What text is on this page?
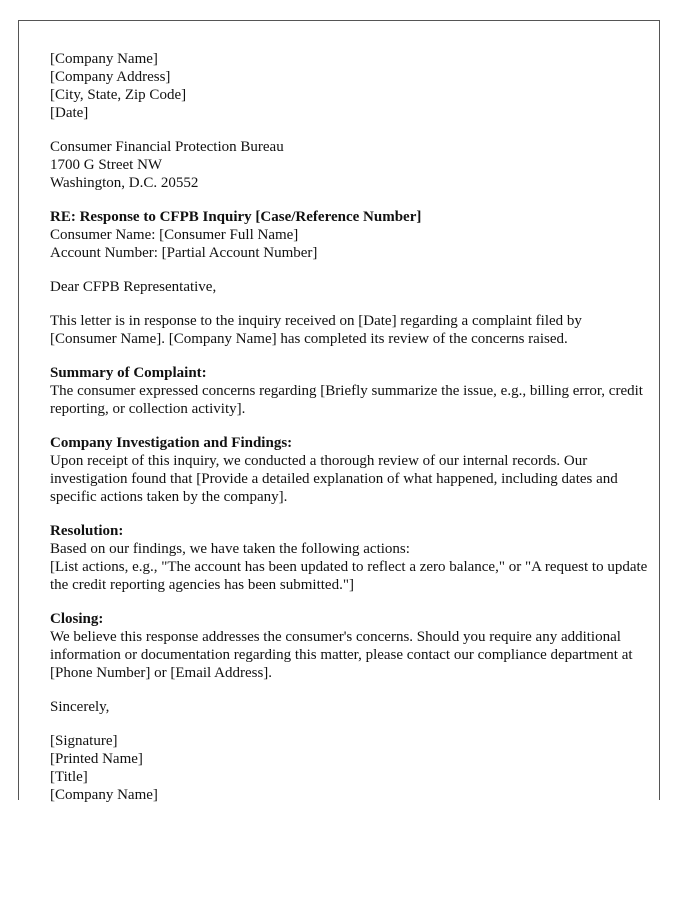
[Company Name]
[Company Address]
[City, State, Zip Code]
[Date]
Consumer Financial Protection Bureau
1700 G Street NW
Washington, D.C. 20552
RE: Response to CFPB Inquiry [Case/Reference Number]
Consumer Name: [Consumer Full Name]
Account Number: [Partial Account Number]
Dear CFPB Representative,
This letter is in response to the inquiry received on [Date] regarding a complaint filed by [Consumer Name]. [Company Name] has completed its review of the concerns raised.
Summary of Complaint:
The consumer expressed concerns regarding [Briefly summarize the issue, e.g., billing error, credit reporting, or collection activity].
Company Investigation and Findings:
Upon receipt of this inquiry, we conducted a thorough review of our internal records. Our investigation found that [Provide a detailed explanation of what happened, including dates and specific actions taken by the company].
Resolution:
Based on our findings, we have taken the following actions:
[List actions, e.g., "The account has been updated to reflect a zero balance," or "A request to update the credit reporting agencies has been submitted."]
Closing:
We believe this response addresses the consumer's concerns. Should you require any additional information or documentation regarding this matter, please contact our compliance department at [Phone Number] or [Email Address].
Sincerely,
[Signature]
[Printed Name]
[Title]
[Company Name]
